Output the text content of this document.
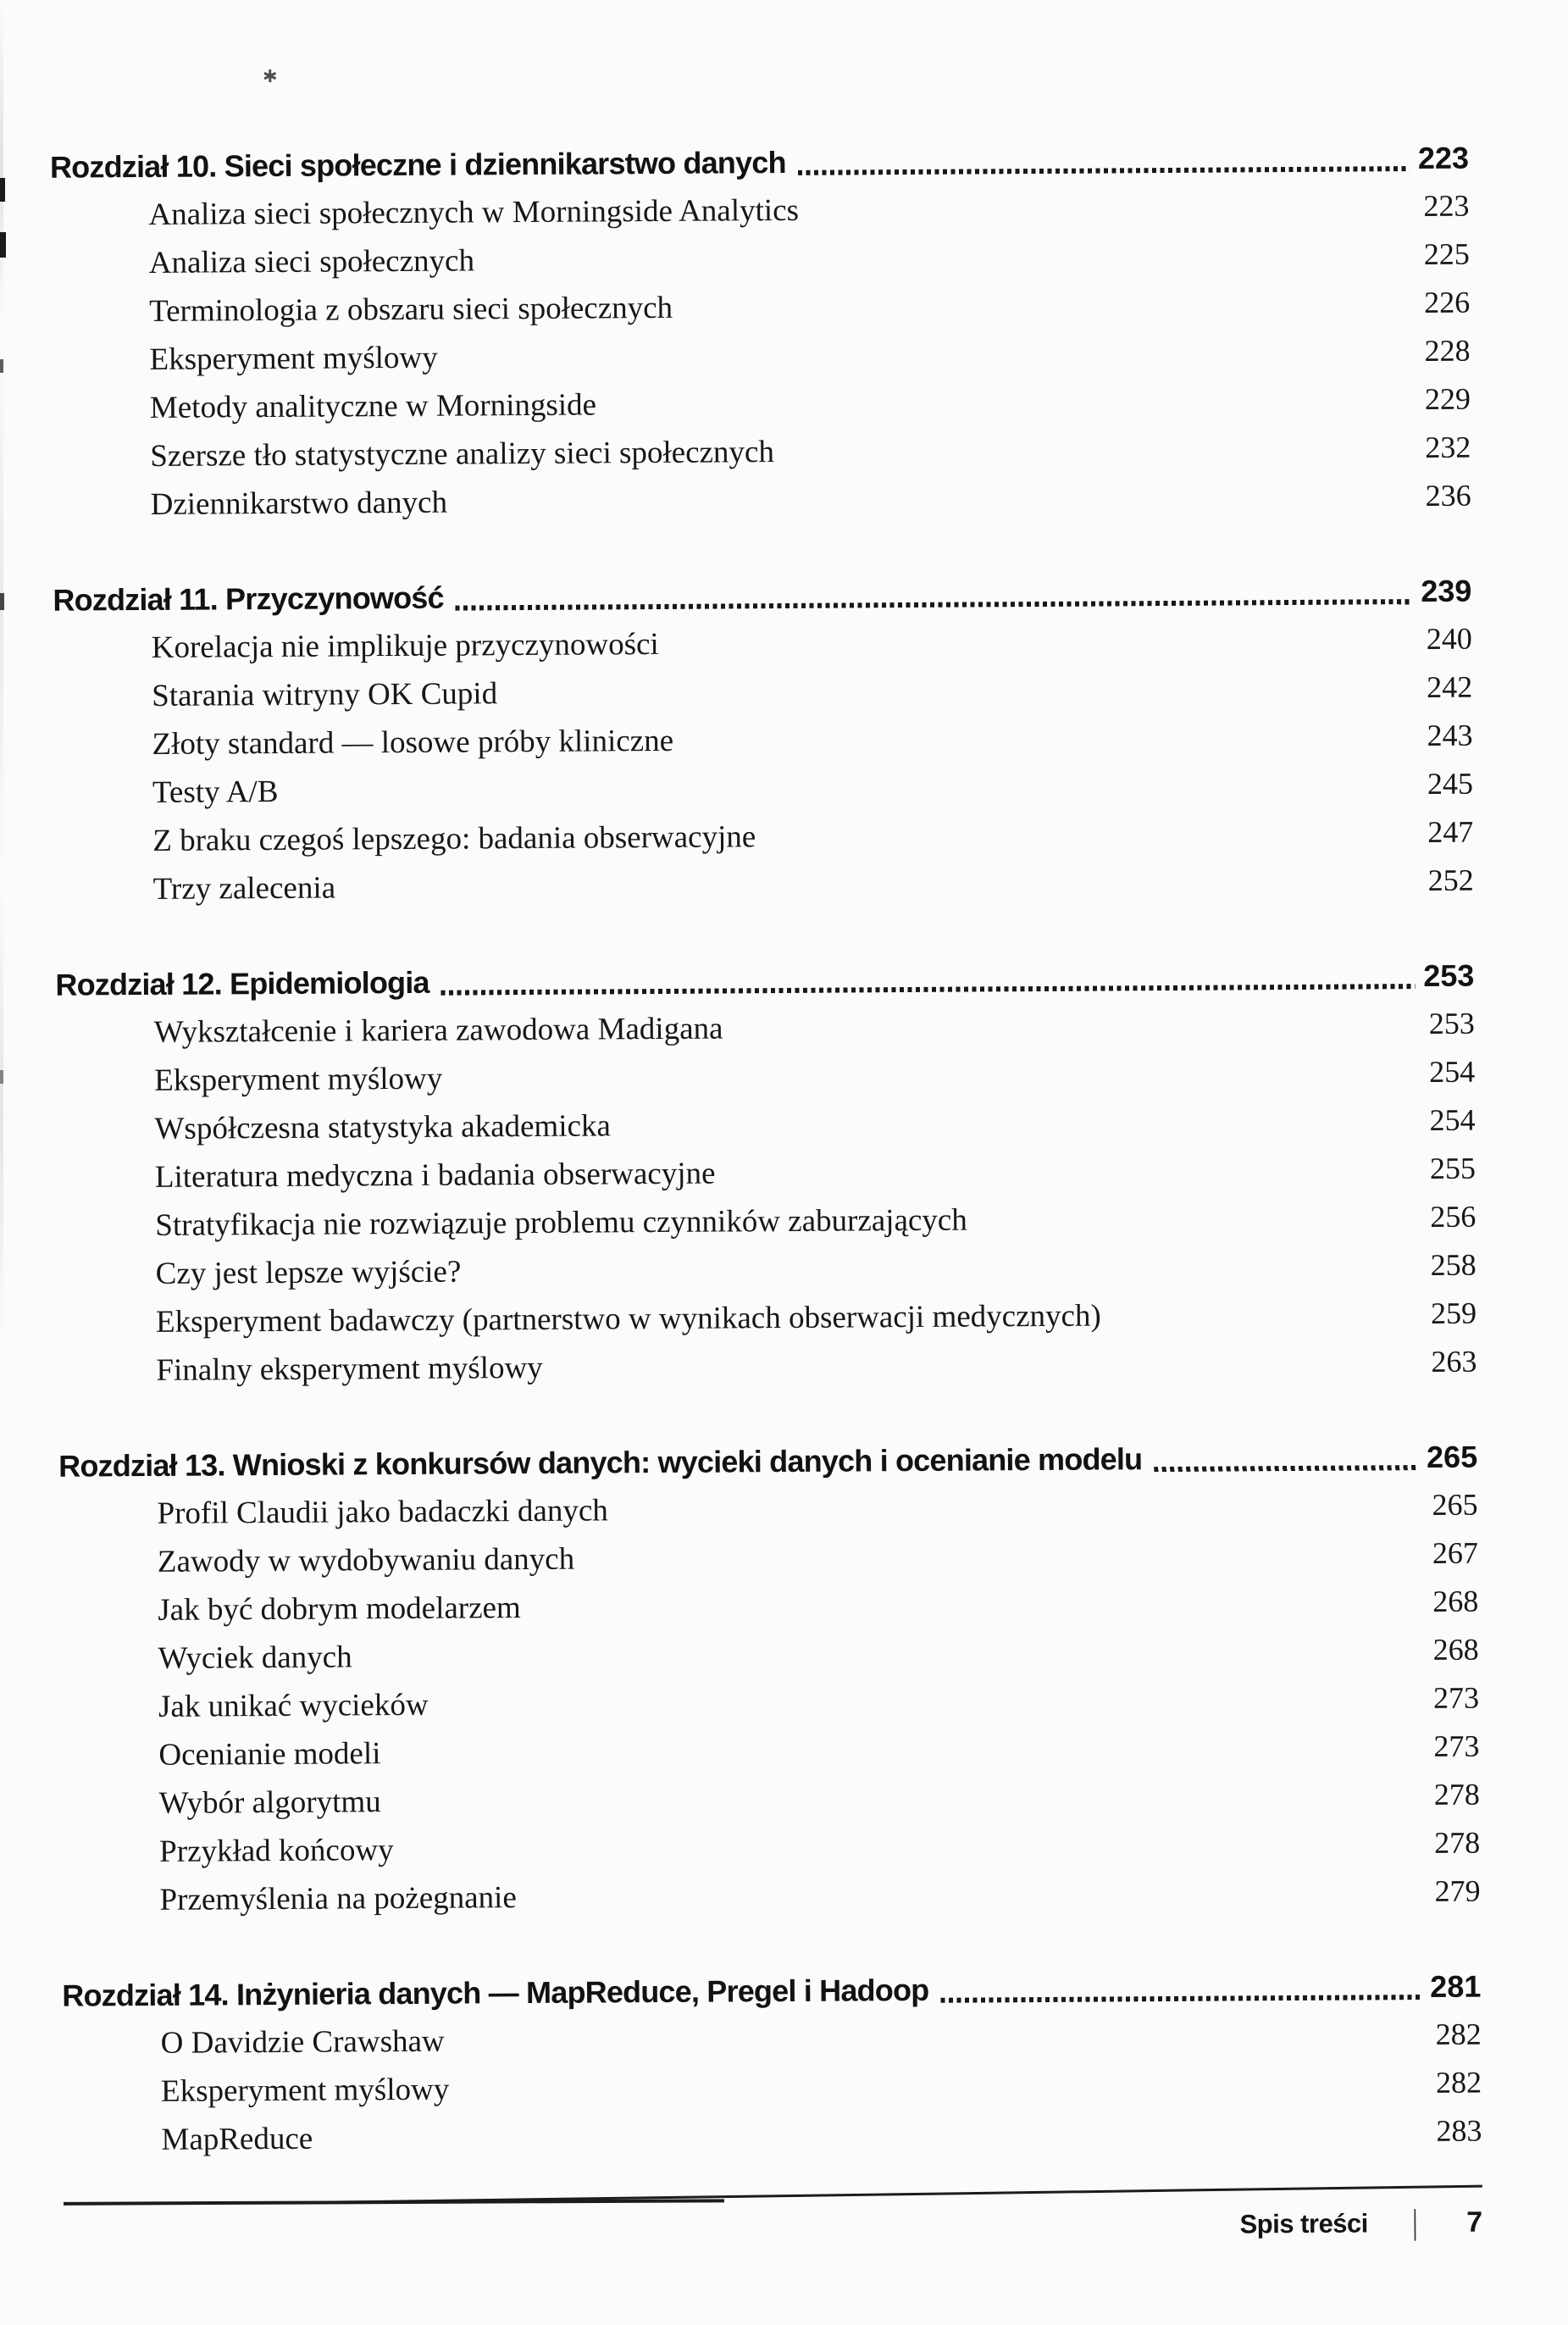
Rozdział 10. Sieci społeczne i dziennikarstwo danych	223
Analiza sieci społecznych w Morningside Analytics	223
Analiza sieci społecznych	225
Terminologia z obszaru sieci społecznych	226
Eksperyment myślowy	228
Metody analityczne w Morningside	229
Szersze tło statystyczne analizy sieci społecznych	232
Dziennikarstwo danych	236
Rozdział 11. Przyczynowość	239
Korelacja nie implikuje przyczynowości	240
Starania witryny OK Cupid	242
Złoty standard — losowe próby kliniczne	243
Testy A/B	245
Z braku czegoś lepszego: badania obserwacyjne	247
Trzy zalecenia	252
Rozdział 12. Epidemiologia	253
Wykształcenie i kariera zawodowa Madigana	253
Eksperyment myślowy	254
Współczesna statystyka akademicka	254
Literatura medyczna i badania obserwacyjne	255
Stratyfikacja nie rozwiązuje problemu czynników zaburzających	256
Czy jest lepsze wyjście?	258
Eksperyment badawczy (partnerstwo w wynikach obserwacji medycznych)	259
Finalny eksperyment myślowy	263
Rozdział 13. Wnioski z konkursów danych: wycieki danych i ocenianie modelu	265
Profil Claudii jako badaczki danych	265
Zawody w wydobywaniu danych	267
Jak być dobrym modelarzem	268
Wyciek danych	268
Jak unikać wycieków	273
Ocenianie modeli	273
Wybór algorytmu	278
Przykład końcowy	278
Przemyślenia na pożegnanie	279
Rozdział 14. Inżynieria danych — MapReduce, Pregel i Hadoop	281
O Davidzie Crawshaw	282
Eksperyment myślowy	282
MapReduce	283
Spis treści | 7
